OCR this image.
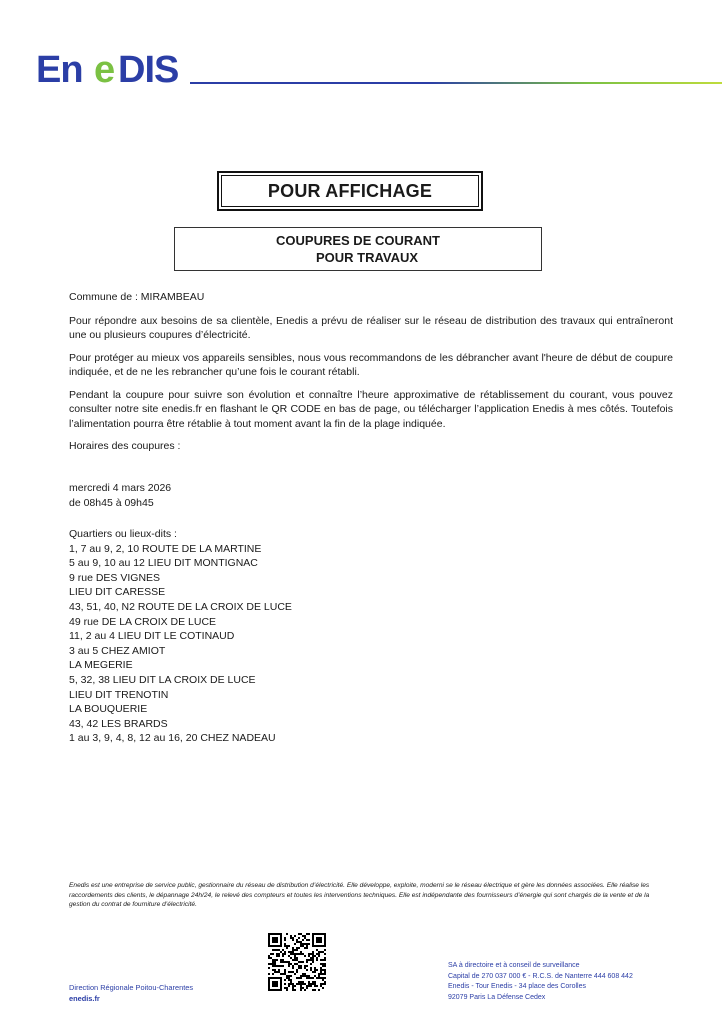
En e DIS
POUR AFFICHAGE
COUPURES DE COURANT
POUR TRAVAUX

Commune de : MIRAMBEAU

Pour répondre aux besoins de sa clientèle, Enedis a prévu de réaliser sur le réseau de distribution des travaux qui entraîneront une ou plusieurs coupures d’électricité.

Pour protéger au mieux vos appareils sensibles, nous vous recommandons de les débrancher avant l'heure de début de coupure indiquée, et de ne les rebrancher qu’une fois le courant rétabli.

Pendant la coupure pour suivre son évolution et connaître l’heure approximative de rétablissement du courant, vous pouvez consulter notre site enedis.fr en flashant le QR CODE en bas de page, ou télécharger l’application Enedis à mes côtés. Toutefois l’alimentation pourra être rétablie à tout moment avant la fin de la plage indiquée.

Horaires des coupures :

mercredi 4 mars 2026
de 08h45 à 09h45
Quartiers ou lieux-dits :
1, 7 au 9, 2, 10 ROUTE DE LA MARTINE
5 au 9, 10 au 12 LIEU DIT MONTIGNAC
9 rue DES VIGNES
LIEU DIT CARESSE
43, 51, 40, N2 ROUTE DE LA CROIX DE LUCE
49 rue DE LA CROIX DE LUCE
11, 2 au 4 LIEU DIT LE COTINAUD
3 au 5 CHEZ AMIOT
LA MEGERIE
5, 32, 38 LIEU DIT LA CROIX DE LUCE
LIEU DIT TRENOTIN
LA BOUQUERIE
43, 42 LES BRARDS
1 au 3, 9, 4, 8, 12 au 16, 20 CHEZ NADEAU
Enedis est une entreprise de service public, gestionnaire du réseau de distribution d’électricité. Elle développe, exploite, moderni se le réseau électrique et gère les données associées. Elle réalise les raccordements des clients, le dépannage 24h/24, le relevé des compteurs et toutes les interventions techniques. Elle est indépendante des fournisseurs d’énergie qui sont chargés de la vente et de la gestion du contrat de fourniture d’électricité.
Direction Régionale Poitou-Charentes
enedis.fr
SA à directoire et à conseil de surveillance
Capital de 270 037 000 € - R.C.S. de Nanterre 444 608 442
Enedis - Tour Enedis - 34 place des Corolles
92079 Paris La Défense Cedex
